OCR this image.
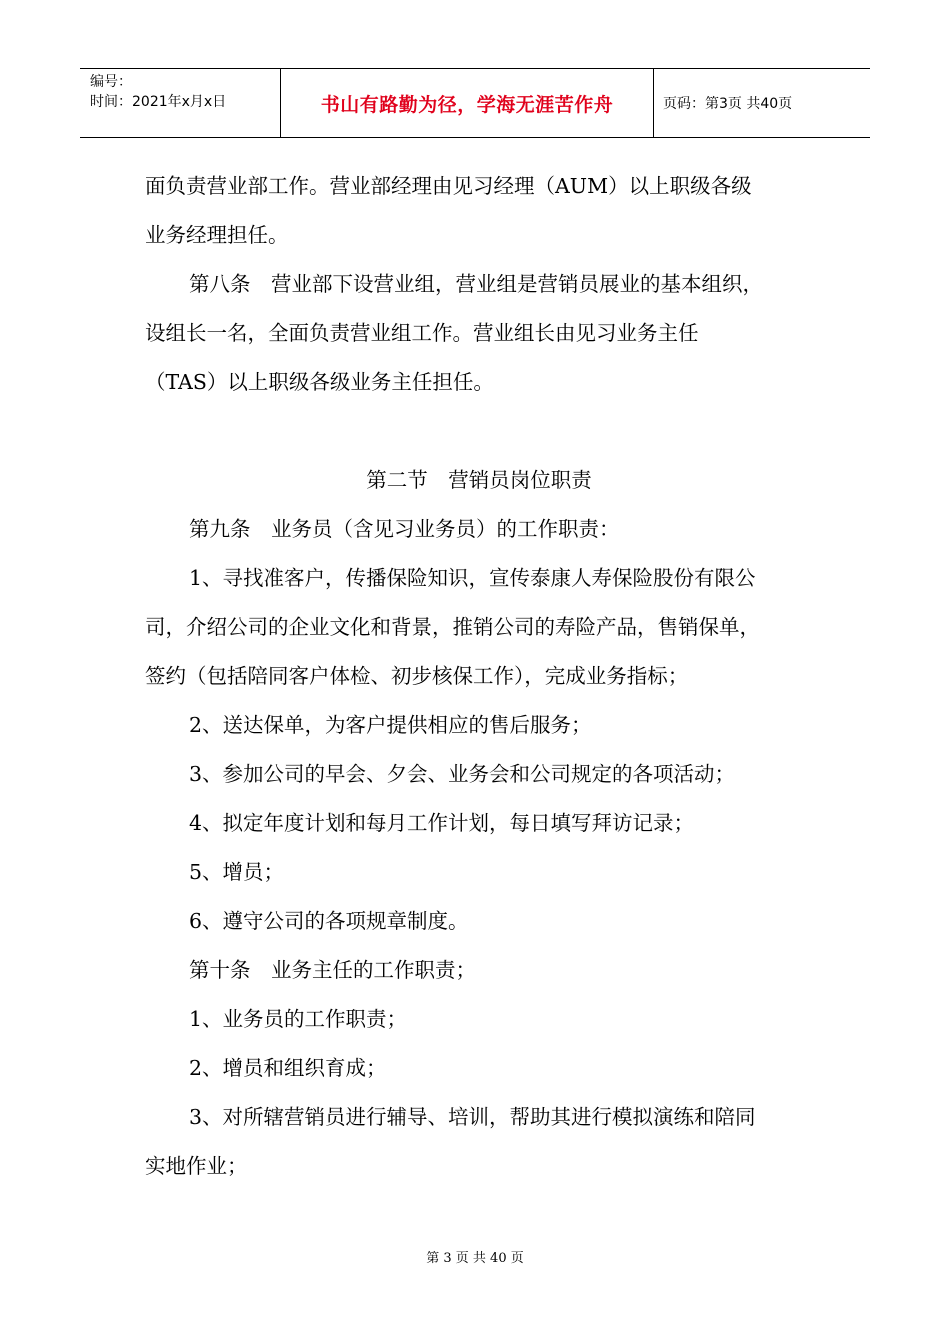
编号：
时间：2021年x月x日	书山有路勤为径，学海无涯苦作舟	页码：第3页 共40页

面负责营业部工作。营业部经理由见习经理（AUM）以上职级各级

业务经理担任。

第八条　营业部下设营业组，营业组是营销员展业的基本组织，

设组长一名，全面负责营业组工作。营业组长由见习业务主任

（TAS）以上职级各级业务主任担任。

第二节　营销员岗位职责

第九条　业务员（含见习业务员）的工作职责：

1、寻找准客户，传播保险知识，宣传泰康人寿保险股份有限公

司，介绍公司的企业文化和背景，推销公司的寿险产品，售销保单，

签约（包括陪同客户体检、初步核保工作），完成业务指标；

2、送达保单，为客户提供相应的售后服务；

3、参加公司的早会、夕会、业务会和公司规定的各项活动；

4、拟定年度计划和每月工作计划，每日填写拜访记录；

5、增员；

6、遵守公司的各项规章制度。

第十条　业务主任的工作职责；

1、业务员的工作职责；

2、增员和组织育成；

3、对所辖营销员进行辅导、培训，帮助其进行模拟演练和陪同

实地作业；

第 3 页 共 40 页
